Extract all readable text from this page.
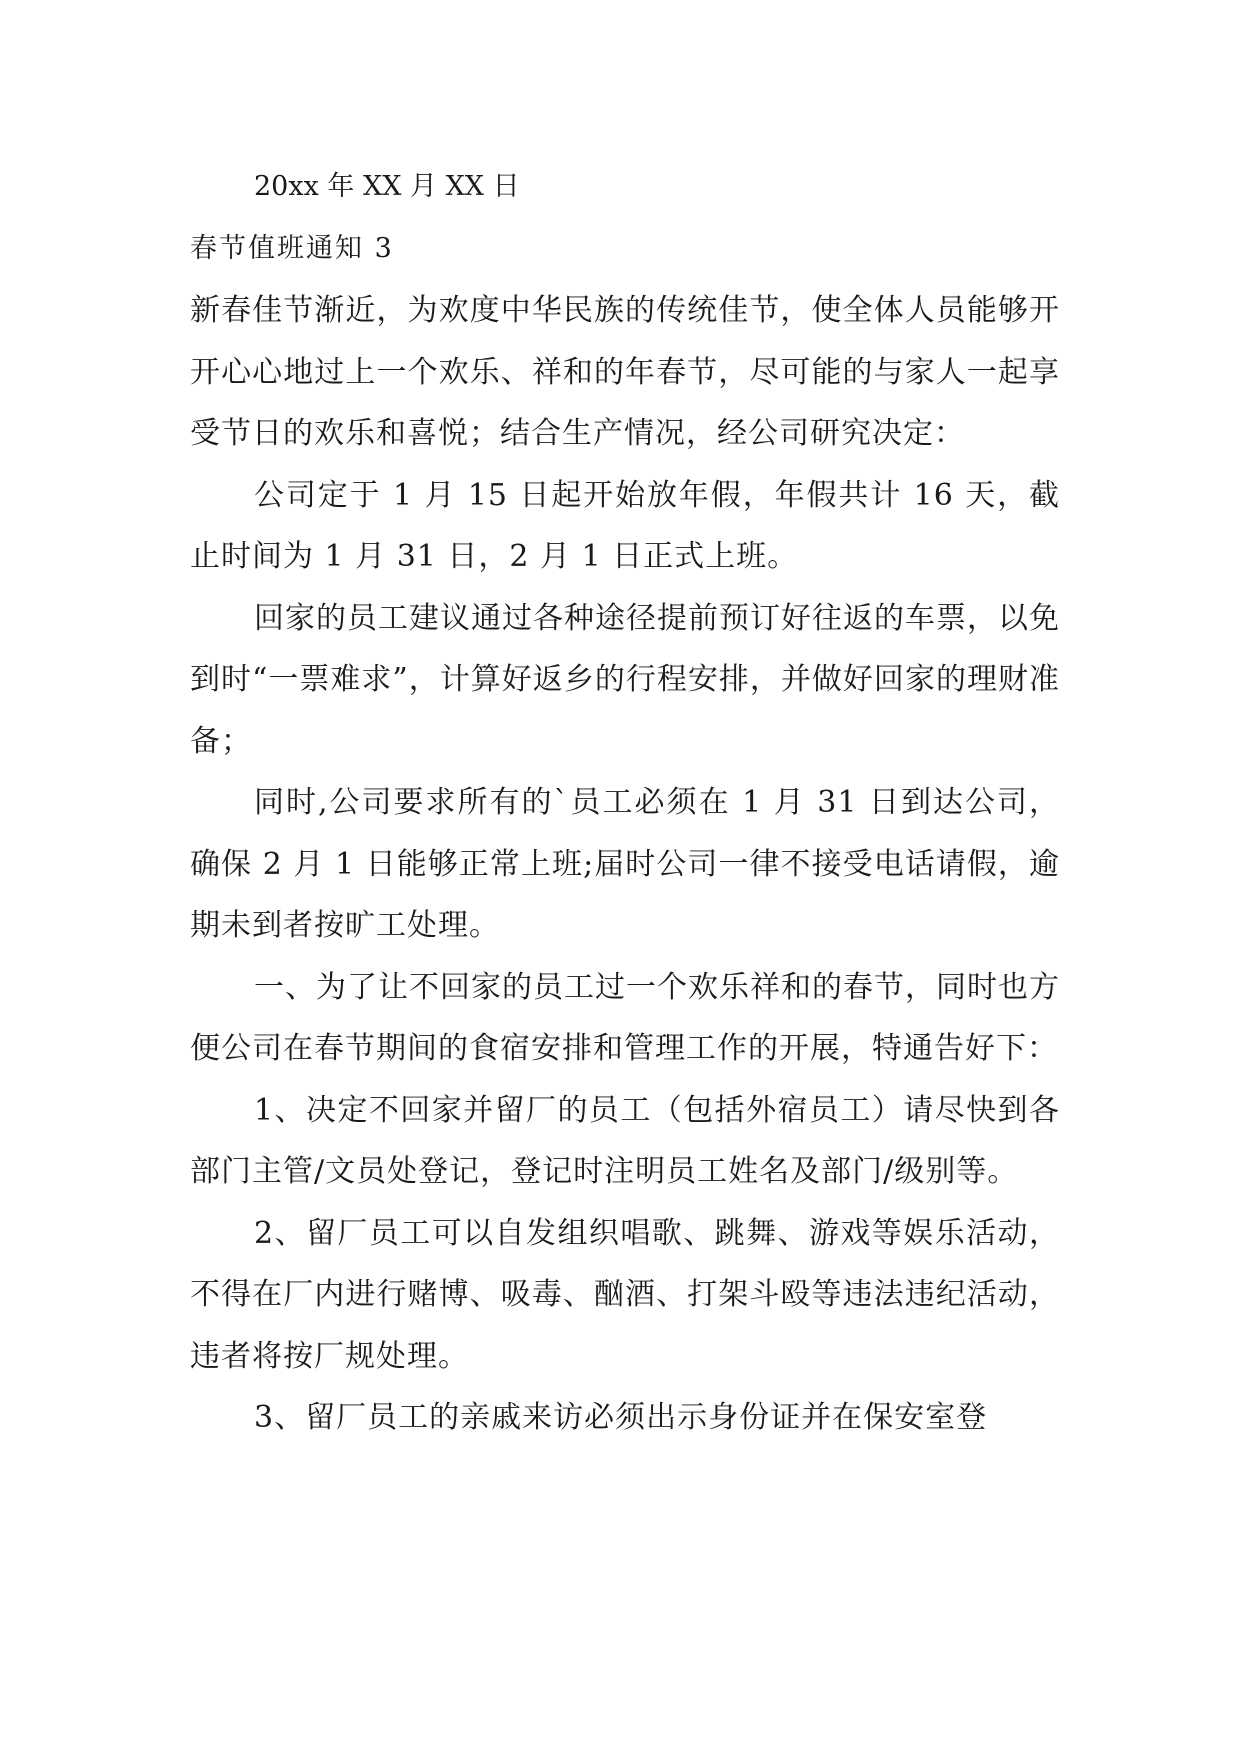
20xx 年 XX 月 XX 日

春节值班通知 3

新春佳节渐近，为欢度中华民族的传统佳节，使全体人员能够开开心心地过上一个欢乐、祥和的年春节，尽可能的与家人一起享受节日的欢乐和喜悦；结合生产情况，经公司研究决定：

公司定于 1 月 15 日起开始放年假，年假共计 16 天，截止时间为 1 月 31 日，2 月 1 日正式上班。

回家的员工建议通过各种途径提前预订好往返的车票，以免到时“一票难求”，计算好返乡的行程安排，并做好回家的理财准备；

同时,公司要求所有的`员工必须在 1 月 31 日到达公司，确保 2 月 1 日能够正常上班;届时公司一律不接受电话请假，逾期未到者按旷工处理。

一、为了让不回家的员工过一个欢乐祥和的春节，同时也方便公司在春节期间的食宿安排和管理工作的开展，特通告好下：

1、决定不回家并留厂的员工（包括外宿员工）请尽快到各部门主管/文员处登记，登记时注明员工姓名及部门/级别等。

2、留厂员工可以自发组织唱歌、跳舞、游戏等娱乐活动，不得在厂内进行赌博、吸毒、酗酒、打架斗殴等违法违纪活动，违者将按厂规处理。

3、留厂员工的亲戚来访必须出示身份证并在保安室登
